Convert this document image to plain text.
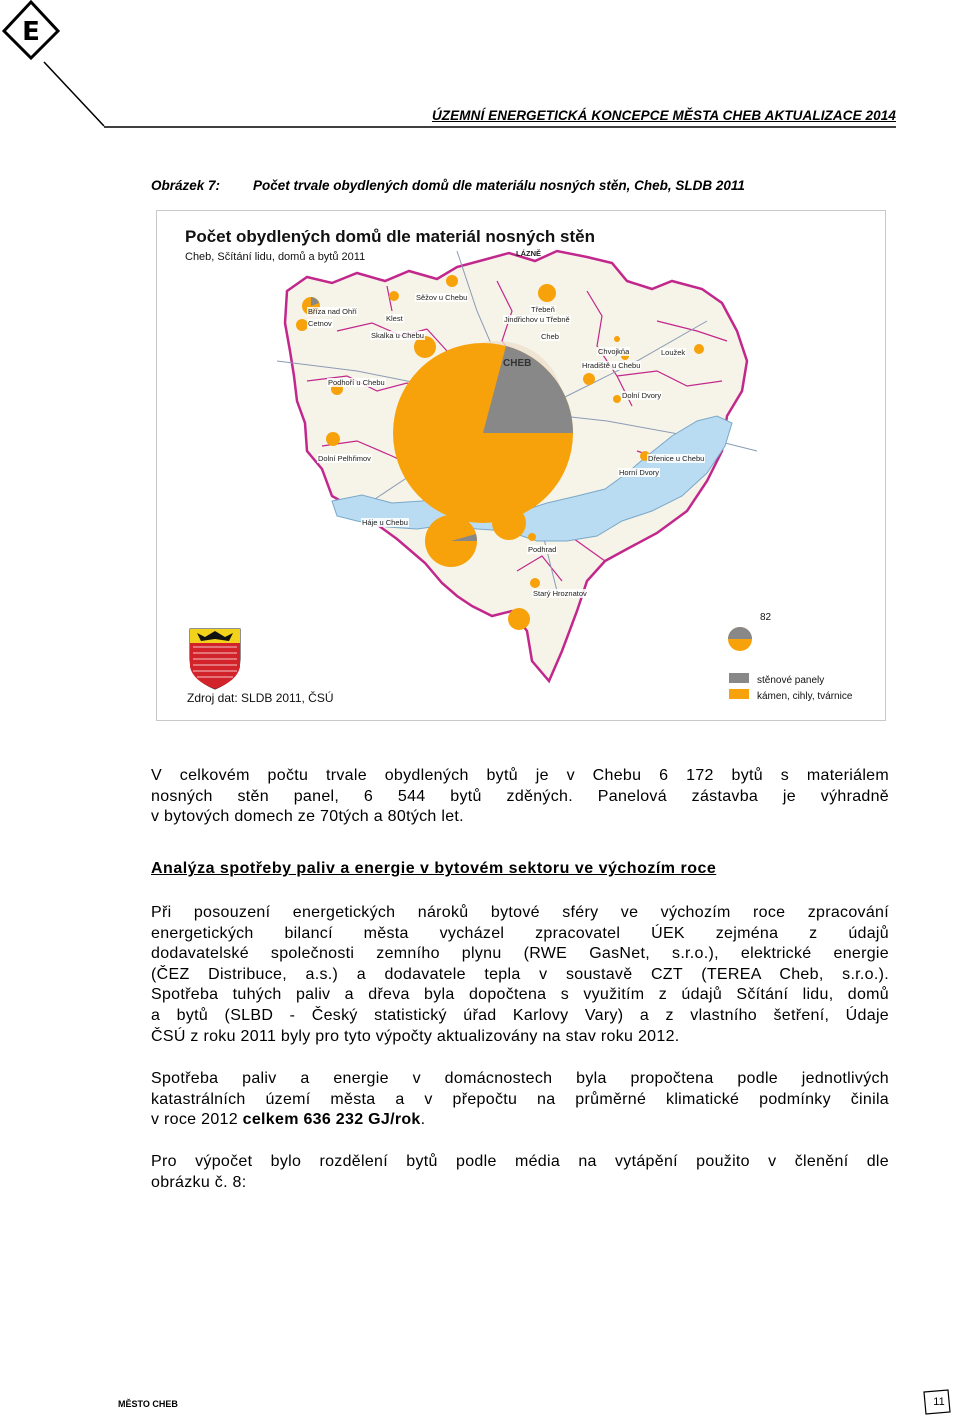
E
ÚZEMNÍ ENERGETICKÁ KONCEPCE MĚSTA CHEB AKTUALIZACE 2014
Obrázek 7: Počet trvale obydlených domů dle materiálu nosných stěn, Cheb, SLDB 2011
Počet obydlených domů dle materiál nosných stěn
Cheb, Sčítání lidu, domů a bytů 2011
Zdroj dat: SLDB 2011, ČSÚ
CHEB
LÁZNĚ
Bříza nad Ohří
Cetnov
Klest
Sěžov u Chebu
Třebeň
Jindřichov u Třebně
Skalka u Chebu	Cheb
Chvojkňa
Hradiště u Chebu
Loužek
Podhoří u Chebu
Dolní Dvory
Dřenice u Chebu
Horní Dvory
Dolní Pelhřimov
Háje u Chebu
Podhrad
Starý Hroznatov
82
stěnové panely
kámen, cihly, tvárnice
V celkovém počtu trvale obydlených bytů je v Chebu 6 172 bytů s materiálem
nosných stěn panel, 6 544 bytů zděných. Panelová zástavba je výhradně
v bytových domech ze 70tých a 80tých let.
Analýza spotřeby paliv a energie v bytovém sektoru ve výchozím roce
Při posouzení energetických nároků bytové sféry ve výchozím roce zpracování
energetických bilancí města vycházel zpracovatel ÚEK zejména z údajů
dodavatelské společnosti zemního plynu (RWE GasNet, s.r.o.), elektrické energie
(ČEZ Distribuce, a.s.) a dodavatele tepla v soustavě CZT (TEREA Cheb, s.r.o.).
Spotřeba tuhých paliv a dřeva byla dopočtena s využitím z údajů Sčítání lidu, domů
a bytů (SLBD - Český statistický úřad Karlovy Vary) a z vlastního šetření, Údaje
ČSÚ z roku 2011 byly pro tyto výpočty aktualizovány na stav roku 2012.
Spotřeba paliv a energie v domácnostech byla propočtena podle jednotlivých
katastrálních území města a v přepočtu na průměrné klimatické podmínky činila
v roce 2012 celkem 636 232 GJ/rok.
Pro výpočet bylo rozdělení bytů podle média na vytápění použito v členění dle
obrázku č. 8:
MĚSTO CHEB	11
